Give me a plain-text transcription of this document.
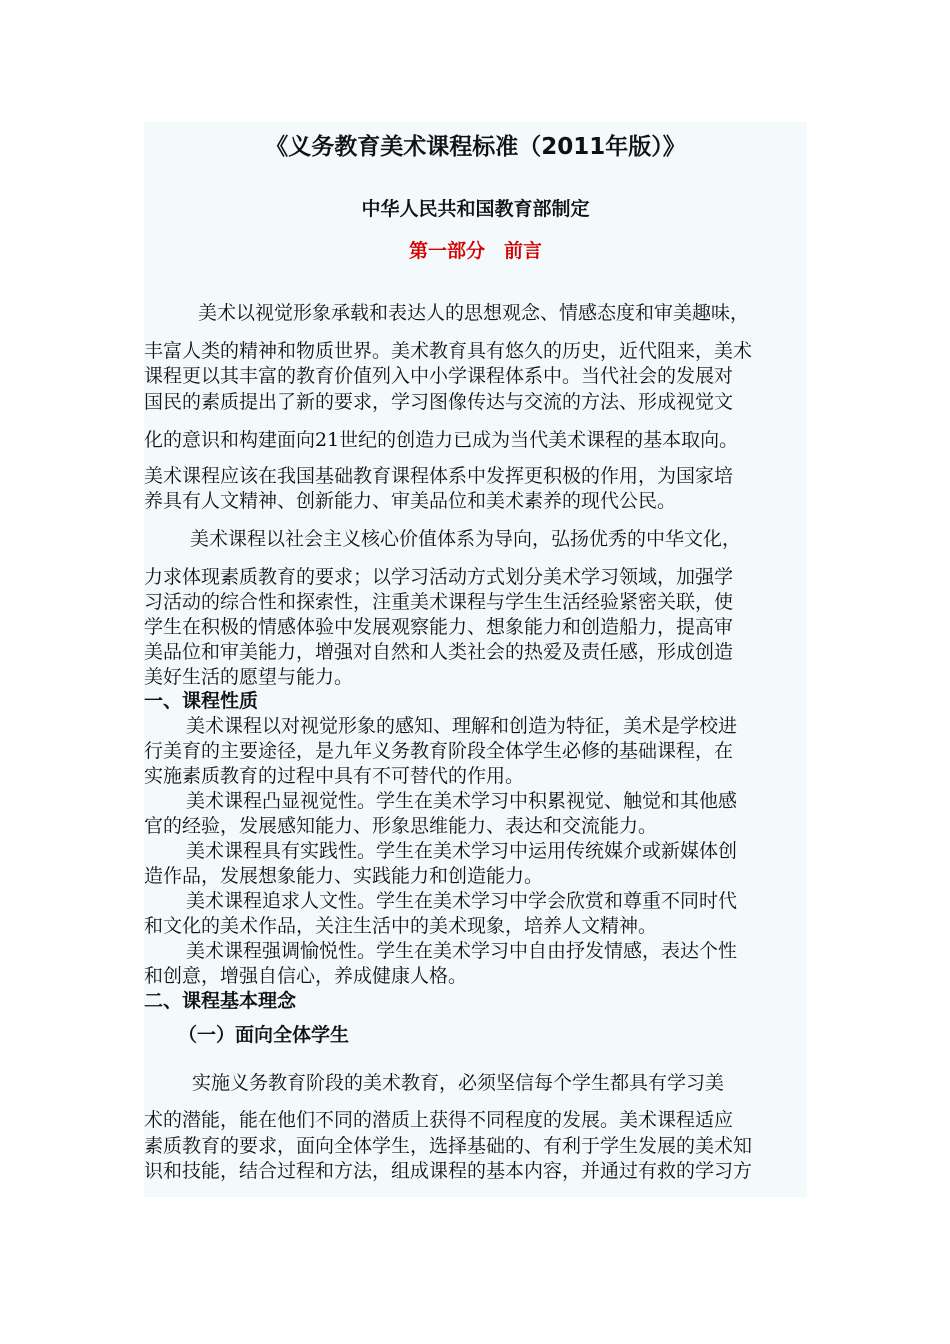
《义务教育美术课程标准（2011年版）》

中华人民共和国教育部制定

第一部分　前言

美术以视觉形象承载和表达人的思想观念、情感态度和审美趣味，

丰富人类的精神和物质世界。美术教育具有悠久的历史，近代阻来，美术

课程更以其丰富的教育价值列入中小学课程体系中。当代社会的发展对

国民的素质提出了新的要求，学习图像传达与交流的方法、形成视觉文

化的意识和构建面向21世纪的创造力已成为当代美术课程的基本取向。

美术课程应该在我国基础教育课程体系中发挥更积极的作用，为国家培

养具有人文精神、创新能力、审美品位和美术素养的现代公民。

美术课程以社会主义核心价值体系为导向，弘扬优秀的中华文化，

力求体现素质教育的要求；以学习活动方式划分美术学习领域，加强学

习活动的综合性和探索性，注重美术课程与学生生活经验紧密关联，使

学生在积极的情感体验中发展观察能力、想象能力和创造船力，提高审

美品位和审美能力，增强对自然和人类社会的热爱及责任感，形成创造

美好生活的愿望与能力。

一、课程性质

美术课程以对视觉形象的感知、理解和创造为特征，美术是学校进

行美育的主要途径，是九年义务教育阶段全体学生必修的基础课程，在

实施素质教育的过程中具有不可替代的作用。

美术课程凸显视觉性。学生在美术学习中积累视觉、触觉和其他感

官的经验，发展感知能力、形象思维能力、表达和交流能力。

美术课程具有实践性。学生在美术学习中运用传统媒介或新媒体创

造作品，发展想象能力、实践能力和创造能力。

美术课程追求人文性。学生在美术学习中学会欣赏和尊重不同时代

和文化的美术作品，关注生活中的美术现象，培养人文精神。

美术课程强调愉悦性。学生在美术学习中自由抒发情感，表达个性

和创意，增强自信心，养成健康人格。

二、课程基本理念

（一）面向全体学生

实施义务教育阶段的美术教育，必须坚信每个学生都具有学习美

术的潜能，能在他们不同的潜质上获得不同程度的发展。美术课程适应

素质教育的要求，面向全体学生，选择基础的、有利于学生发展的美术知

识和技能，结合过程和方法，组成课程的基本内容，并通过有救的学习方
